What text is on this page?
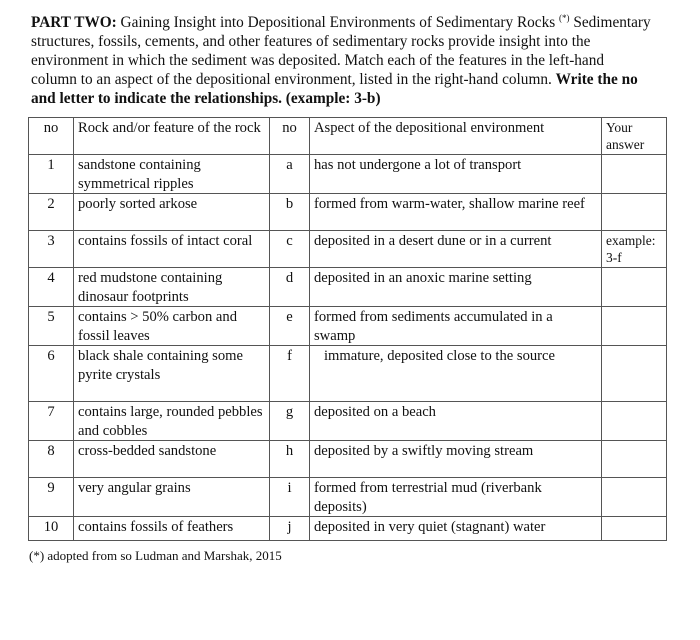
PART TWO: Gaining Insight into Depositional Environments of Sedimentary Rocks (*) Sedimentary structures, fossils, cements, and other features of sedimentary rocks provide insight into the environment in which the sediment was deposited. Match each of the features in the left-hand column to an aspect of the depositional environment, listed in the right-hand column. Write the no and letter to indicate the relationships. (example: 3-b)
no	Rock and/or feature of the rock	no	Aspect of the depositional environment	Your answer
1	sandstone containing symmetrical ripples	a	has not undergone a lot of transport	
2	poorly sorted arkose	b	formed from warm-water, shallow marine reef	
3	contains fossils of intact coral	c	deposited in a desert dune or in a current	example: 3-f
4	red mudstone containing dinosaur footprints	d	deposited in an anoxic marine setting	
5	contains > 50% carbon and fossil leaves	e	formed from sediments accumulated in a swamp	
6	black shale containing some pyrite crystals	f	immature, deposited close to the source	
7	contains large, rounded pebbles and cobbles	g	deposited on a beach	
8	cross-bedded sandstone	h	deposited by a swiftly moving stream	
9	very angular grains	i	formed from terrestrial mud (riverbank deposits)	
10	contains fossils of feathers	j	deposited in very quiet (stagnant) water	
(*) adopted from so Ludman and Marshak, 2015
